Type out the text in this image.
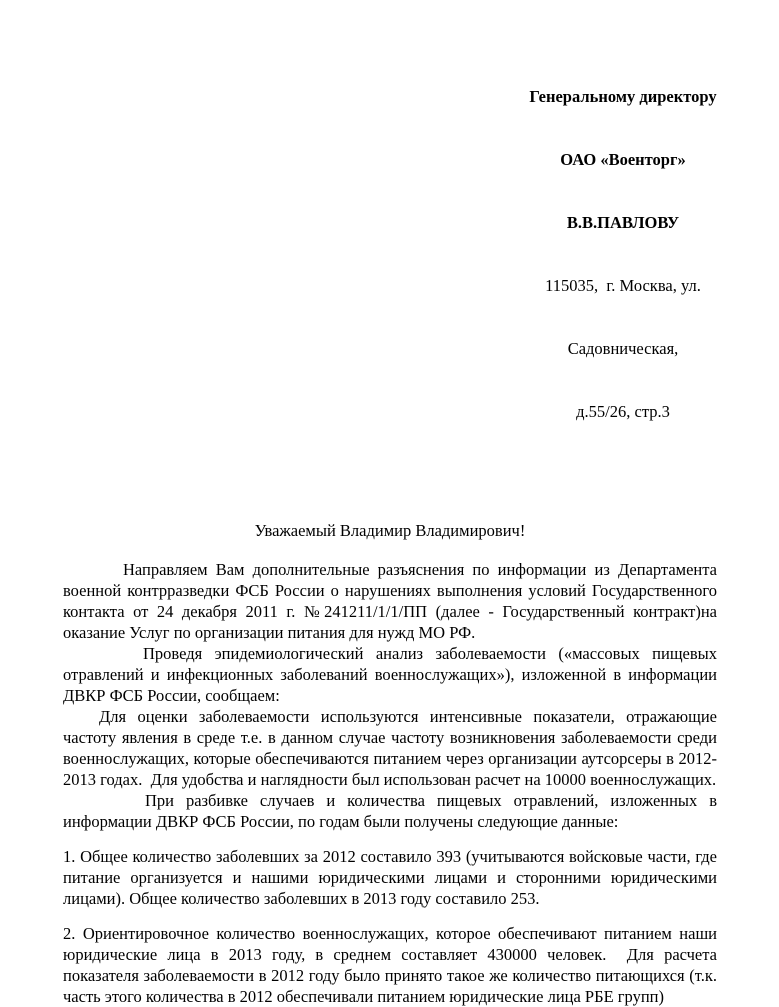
Генеральному директору

ОАО «Военторг»

В.В.ПАВЛОВУ

115035,  г. Москва, ул.

Садовническая,

д.55/26, стр.3

Уважаемый Владимир Владимирович!

Направляем Вам дополнительные разъяснения по информации из Департамента военной контрразведки ФСБ России о нарушениях выполнения условий Государственного контакта от 24 декабря 2011 г. №241211/1/1/ПП (далее - Государственный контракт)на оказание Услуг по организации питания для нужд МО РФ.

Проведя эпидемиологический анализ заболеваемости («массовых пищевых отравлений и инфекционных заболеваний военнослужащих»), изложенной в информации ДВКР ФСБ России, сообщаем:

Для оценки заболеваемости используются интенсивные показатели, отражающие частоту явления в среде т.е. в данном случае частоту возникновения заболеваемости среди военнослужащих, которые обеспечиваются питанием через организации аутсорсеры в 2012-2013 годах.  Для удобства и наглядности был использован расчет на 10000 военнослужащих.

При разбивке случаев и количества пищевых отравлений, изложенных в информации ДВКР ФСБ России, по годам были получены следующие данные:

1. Общее количество заболевших за 2012 составило 393 (учитываются войсковые части, где питание организуется и нашими юридическими лицами и сторонними юридическими лицами). Общее количество заболевших в 2013 году составило 253.

2. Ориентировочное количество военнослужащих, которое обеспечивают питанием наши юридические лица в 2013 году, в среднем составляет 430000 человек.  Для расчета показателя заболеваемости в 2012 году было принято такое же количество питающихся (т.к. часть этого количества в 2012 обеспечивали питанием юридические лица РБЕ групп)
